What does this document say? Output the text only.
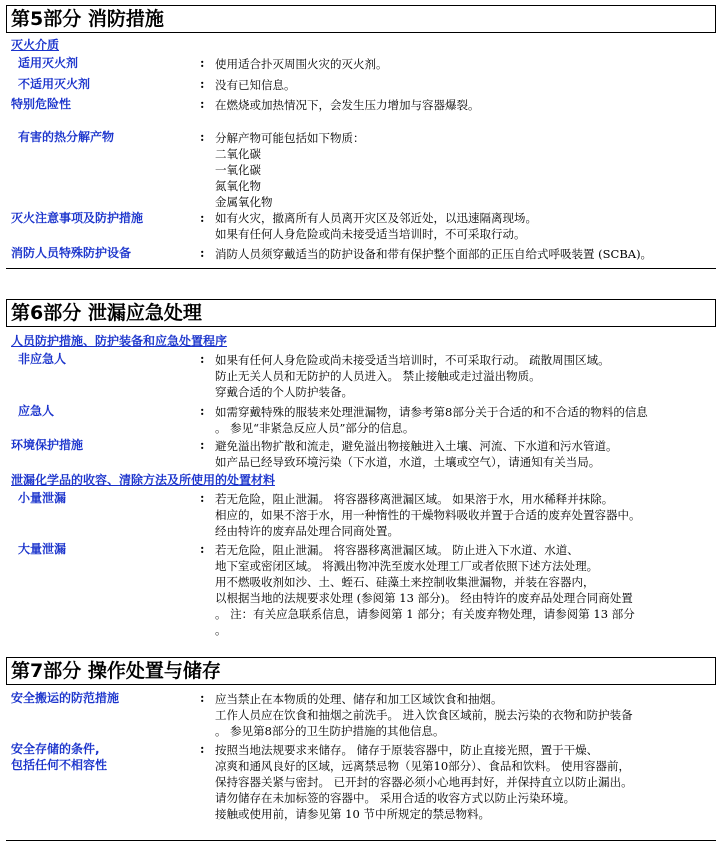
第5部分 消防措施
灭火介质
适用灭火剂	: 使用适合扑灭周围火灾的灭火剂。
不适用灭火剂	: 没有已知信息。
特别危险性	: 在燃烧或加热情况下，会发生压力增加与容器爆裂。
有害的热分解产物	: 分解产物可能包括如下物质：
二氧化碳
一氧化碳
氮氧化物
金属氧化物
灭火注意事项及防护措施	: 如有火灾，撤离所有人员离开灾区及邻近处，以迅速隔离现场。
如果有任何人身危险或尚未接受适当培训时，不可采取行动。
消防人员特殊防护设备	: 消防人员须穿戴适当的防护设备和带有保护整个面部的正压自给式呼吸装置 (SCBA)。
第6部分 泄漏应急处理
人员防护措施、防护装备和应急处置程序
非应急人	: 如果有任何人身危险或尚未接受适当培训时，不可采取行动。 疏散周围区域。
防止无关人员和无防护的人员进入。 禁止接触或走过溢出物质。
穿戴合适的个人防护装备。
应急人	: 如需穿戴特殊的服装来处理泄漏物，请参考第8部分关于合适的和不合适的物料的信息
。 参见“非紧急反应人员”部分的信息。
环境保护措施	: 避免溢出物扩散和流走，避免溢出物接触进入土壤、河流、下水道和污水管道。
如产品已经导致环境污染（下水道，水道，土壤或空气），请通知有关当局。
泄漏化学品的收容、清除方法及所使用的处置材料
小量泄漏	: 若无危险，阻止泄漏。 将容器移离泄漏区域。 如果溶于水，用水稀释并抹除。
相应的，如果不溶于水，用一种惰性的干燥物料吸收并置于合适的废弃处置容器中。
经由特许的废弃品处理合同商处置。
大量泄漏	: 若无危险，阻止泄漏。 将容器移离泄漏区域。 防止进入下水道、水道、
地下室或密闭区域。 将溅出物冲洗至废水处理工厂或者依照下述方法处理。
用不燃吸收剂如沙、土、蛭石、硅藻土来控制收集泄漏物，并装在容器内，
以根据当地的法规要求处理 (参阅第 13 部分)。 经由特许的废弃品处理合同商处置
。 注：有关应急联系信息，请参阅第 1 部分；有关废弃物处理，请参阅第 13 部分
。
第7部分 操作处置与储存
安全搬运的防范措施	: 应当禁止在本物质的处理、储存和加工区域饮食和抽烟。
工作人员应在饮食和抽烟之前洗手。 进入饮食区域前，脱去污染的衣物和防护装备
。 参见第8部分的卫生防护措施的其他信息。
安全存储的条件,
包括任何不相容性
: 按照当地法规要求来储存。 储存于原装容器中，防止直接光照，置于干燥、
凉爽和通风良好的区域，远离禁忌物（见第10部分）、食品和饮料。 使用容器前，
保持容器关紧与密封。 已开封的容器必须小心地再封好，并保持直立以防止漏出。
请勿储存在未加标签的容器中。 采用合适的收容方式以防止污染环境。
接触或使用前，请参见第 10 节中所规定的禁忌物料。
